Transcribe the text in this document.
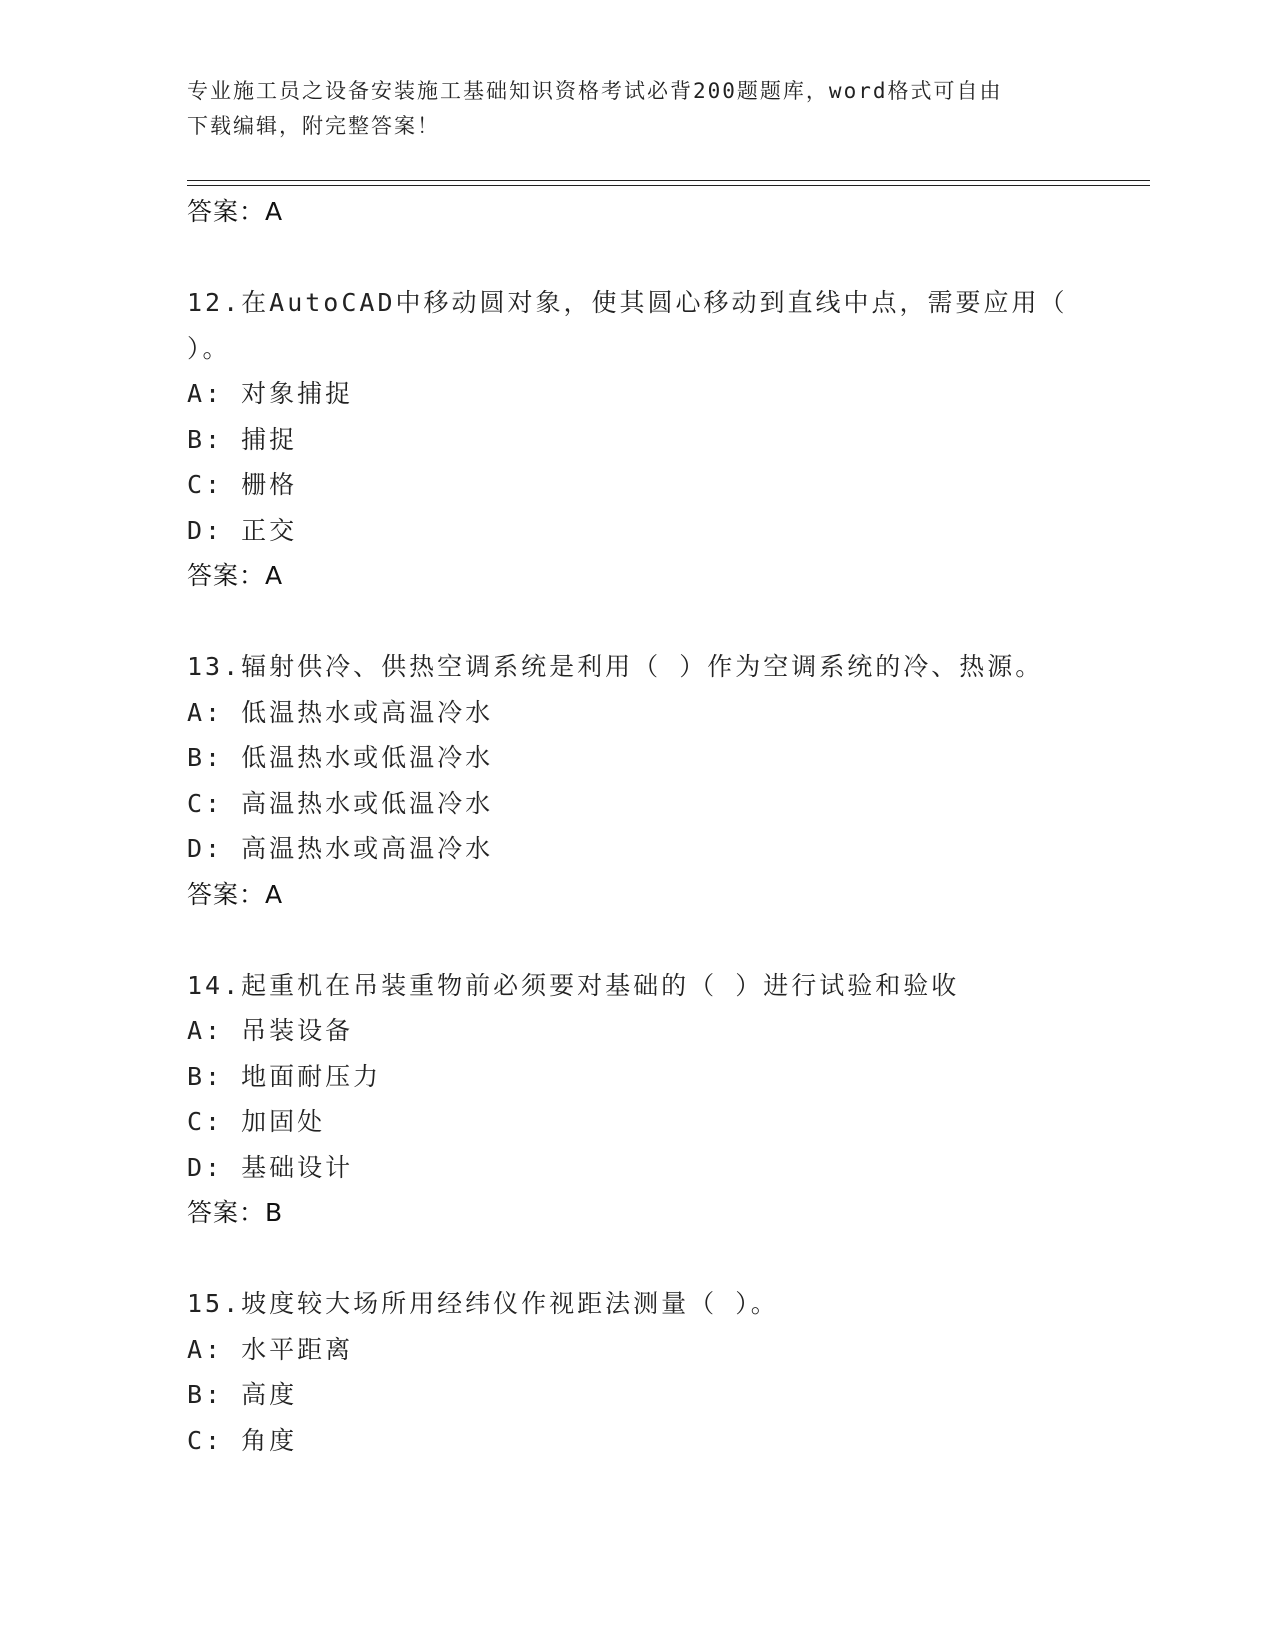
专业施工员之设备安装施工基础知识资格考试必背200题题库，word格式可自由
下载编辑，附完整答案！
答案：A
12.在AutoCAD中移动圆对象，使其圆心移动到直线中点，需要应用（
）。
A: 对象捕捉
B: 捕捉
C: 栅格
D: 正交
答案：A
13.辐射供冷、供热空调系统是利用（ ）作为空调系统的冷、热源。
A: 低温热水或高温冷水
B: 低温热水或低温冷水
C: 高温热水或低温冷水
D: 高温热水或高温冷水
答案：A
14.起重机在吊装重物前必须要对基础的（ ）进行试验和验收
A: 吊装设备
B: 地面耐压力
C: 加固处
D: 基础设计
答案：B
15.坡度较大场所用经纬仪作视距法测量（ ）。
A: 水平距离
B: 高度
C: 角度
